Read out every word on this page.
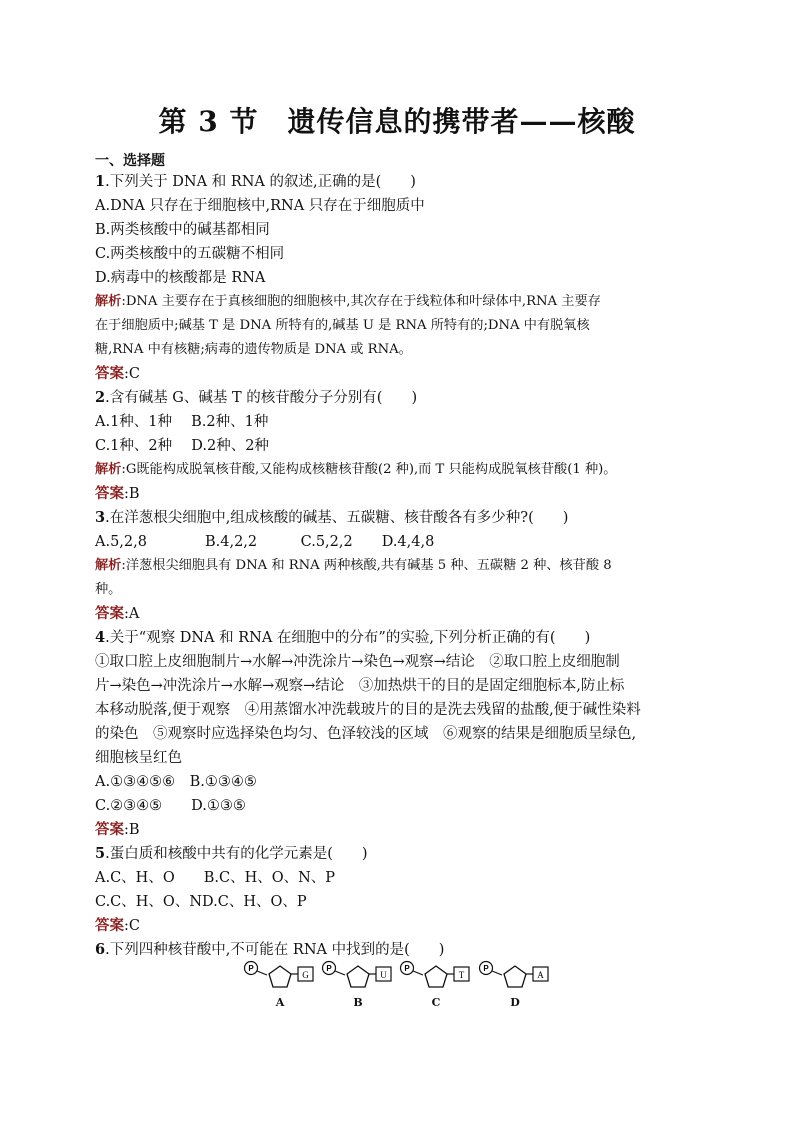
第 3 节　遗传信息的携带者——核酸
一、选择题
1.下列关于 DNA 和 RNA 的叙述,正确的是(　　)
A.DNA 只存在于细胞核中,RNA 只存在于细胞质中
B.两类核酸中的碱基都相同
C.两类核酸中的五碳糖不相同
D.病毒中的核酸都是 RNA
解析:DNA 主要存在于真核细胞的细胞核中,其次存在于线粒体和叶绿体中,RNA 主要存
在于细胞质中;碱基 T 是 DNA 所特有的,碱基 U 是 RNA 所特有的;DNA 中有脱氧核
糖,RNA 中有核糖;病毒的遗传物质是 DNA 或 RNA。
答案:C
2.含有碱基 G、碱基 T 的核苷酸分子分别有(　　)
A.1种、1种　 B.2种、1种
C.1种、2种　 D.2种、2种
解析:G既能构成脱氧核苷酸,又能构成核糖核苷酸(2 种),而 T 只能构成脱氧核苷酸(1 种)。
答案:B
3.在洋葱根尖细胞中,组成核酸的碱基、五碳糖、核苷酸各有多少种?(　　)
A.5,2,8　　　　B.4,2,2　　　C.5,2,2　　D.4,4,8
解析:洋葱根尖细胞具有 DNA 和 RNA 两种核酸,共有碱基 5 种、五碳糖 2 种、核苷酸 8
种。
答案:A
4.关于“观察 DNA 和 RNA 在细胞中的分布”的实验,下列分析正确的有(　　)
①取口腔上皮细胞制片→水解→冲洗涂片→染色→观察→结论　②取口腔上皮细胞制
片→染色→冲洗涂片→水解→观察→结论　③加热烘干的目的是固定细胞标本,防止标
本移动脱落,便于观察　④用蒸馏水冲洗载玻片的目的是洗去残留的盐酸,便于碱性染料
的染色　⑤观察时应选择染色均匀、色泽较浅的区域　⑥观察的结果是细胞质呈绿色,
细胞核呈红色
A.①③④⑤⑥　B.①③④⑤
C.②③④⑤　　D.①③⑤
答案:B
5.蛋白质和核酸中共有的化学元素是(　　)
A.C、H、O　　B.C、H、O、N、P
C.C、H、O、ND.C、H、O、P
答案:C
6.下列四种核苷酸中,不可能在 RNA 中找到的是(　　)
P
G
A
P
U
B
P
T
C
P
A
D
